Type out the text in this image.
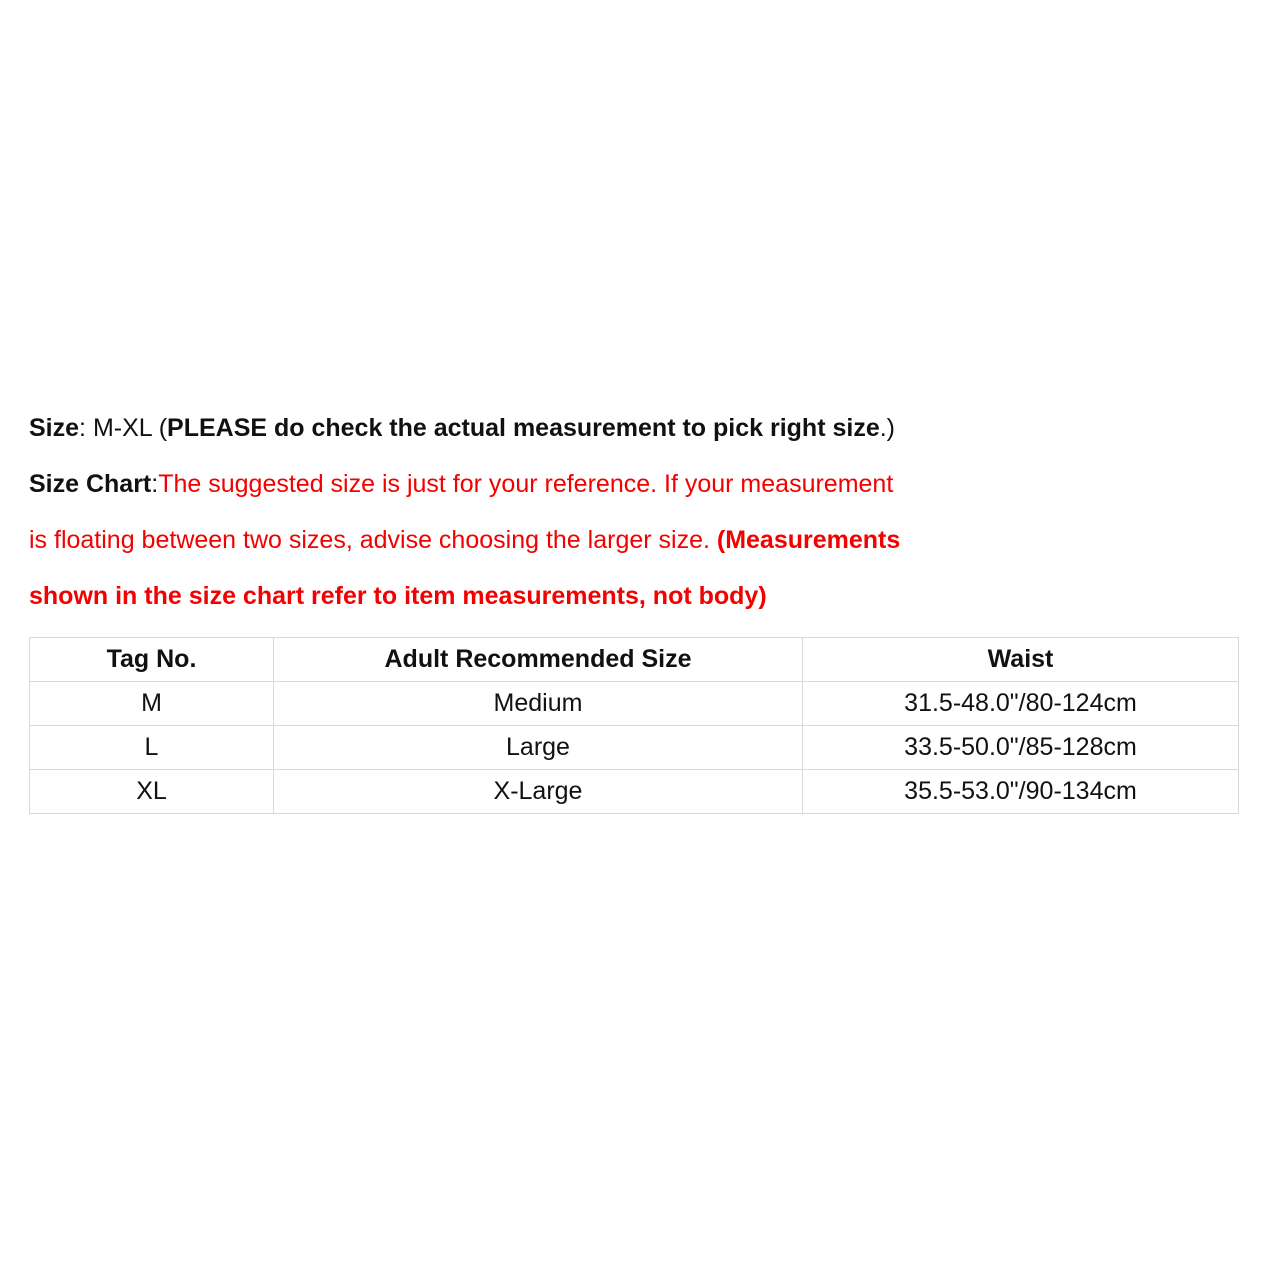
Size: M-XL (PLEASE do check the actual measurement to pick right size.)
Size Chart:The suggested size is just for your reference. If your measurement
is floating between two sizes, advise choosing the larger size. (Measurements
shown in the size chart refer to item measurements, not body)
Tag No.	Adult Recommended Size	Waist
M	Medium	31.5-48.0"/80-124cm
L	Large	33.5-50.0"/85-128cm
XL	X-Large	35.5-53.0"/90-134cm
